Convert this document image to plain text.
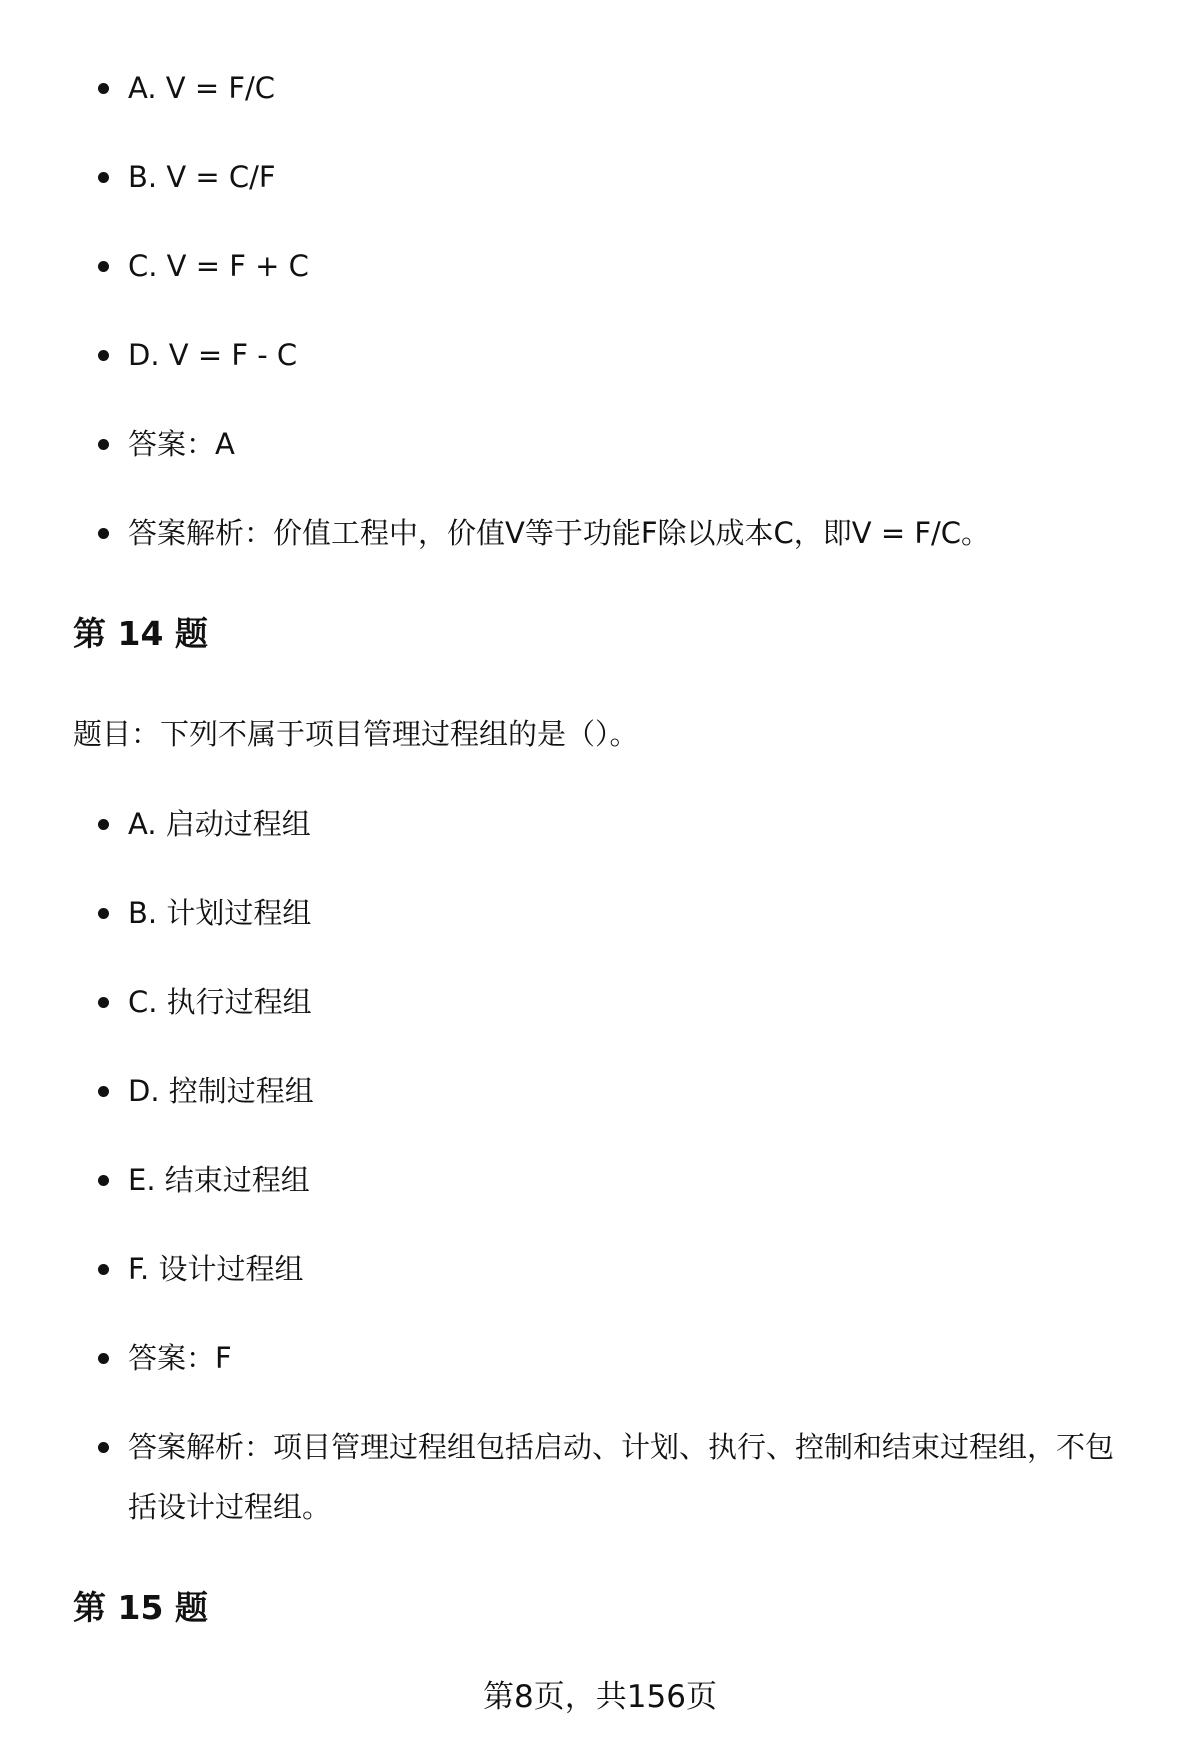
A. V = F/C
B. V = C/F
C. V = F + C
D. V = F - C
答案：A
答案解析：价值工程中，价值V等于功能F除以成本C，即V = F/C。
第 14 题

题目：下列不属于项目管理过程组的是（）。

A. 启动过程组
B. 计划过程组
C. 执行过程组
D. 控制过程组
E. 结束过程组
F. 设计过程组
答案：F
答案解析：项目管理过程组包括启动、计划、执行、控制和结束过程组，不包括设计过程组。
第 15 题
第8页，共156页
